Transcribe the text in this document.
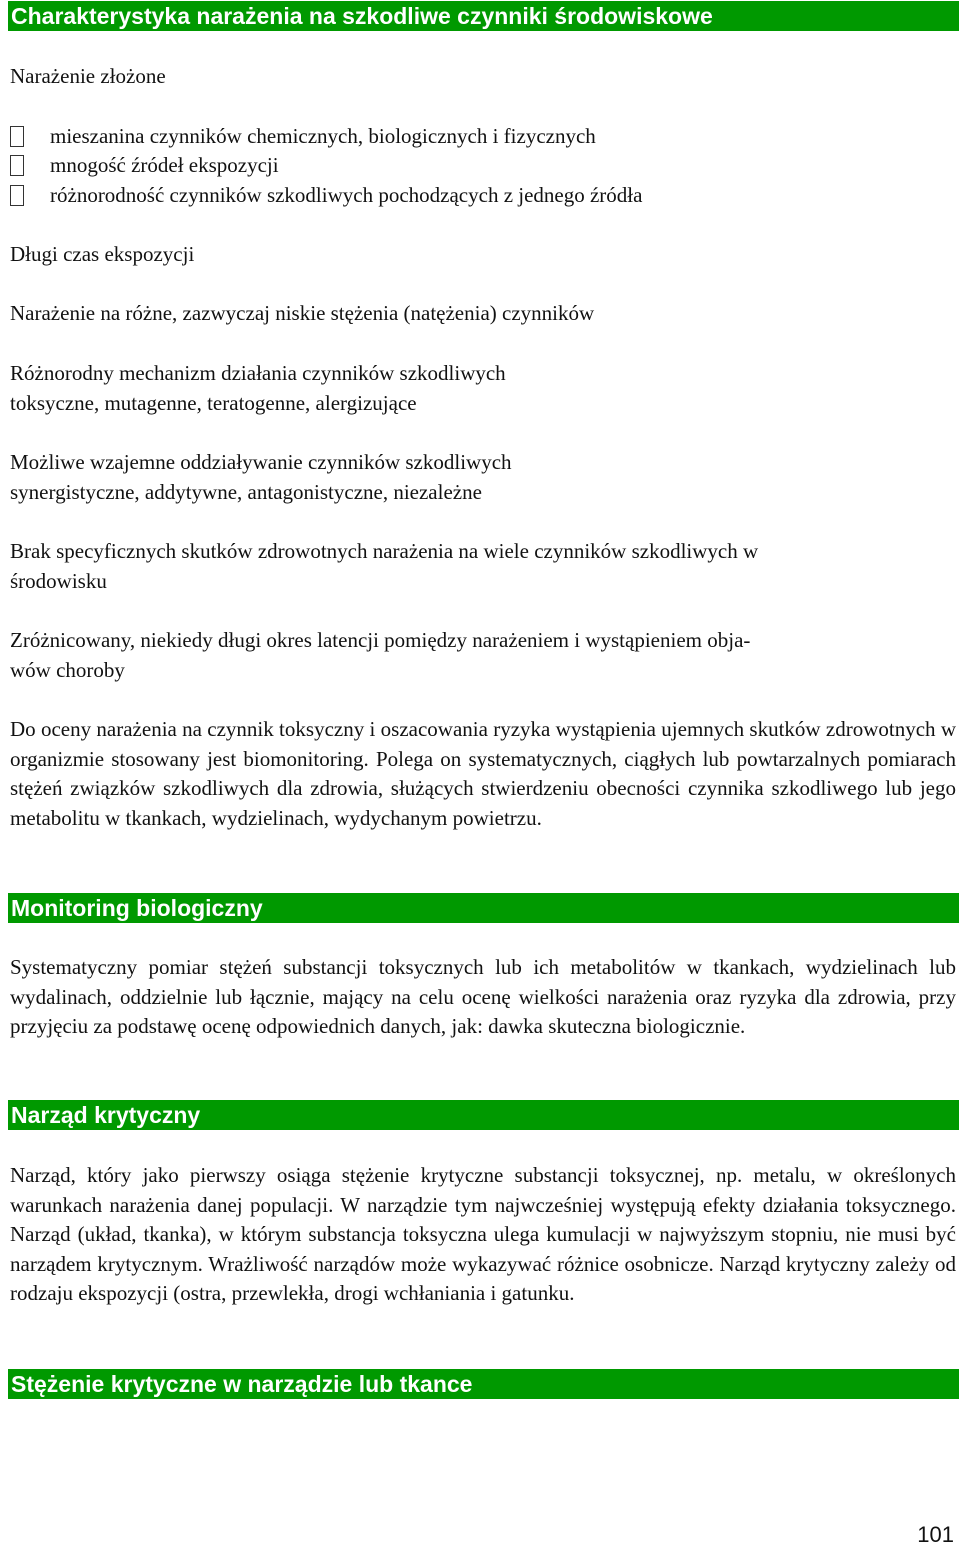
Charakterystyka narażenia na szkodliwe czynniki środowiskowe
Narażenie złożone
mieszanina czynników chemicznych, biologicznych i fizycznych
mnogość źródeł ekspozycji
różnorodność czynników szkodliwych pochodzących z jednego źródła
Długi czas ekspozycji
Narażenie na różne, zazwyczaj niskie stężenia (natężenia) czynników
Różnorodny mechanizm działania czynników szkodliwych
toksyczne, mutagenne, teratogenne, alergizujące
Możliwe wzajemne oddziaływanie czynników szkodliwych
synergistyczne, addytywne, antagonistyczne, niezależne
Brak specyficznych skutków zdrowotnych narażenia na wiele czynników szkodliwych w
środowisku
Zróżnicowany, niekiedy długi okres latencji pomiędzy narażeniem i wystąpieniem obja-
wów choroby
Do oceny narażenia na czynnik toksyczny i oszacowania ryzyka wystąpienia ujemnych skutków zdrowotnych w organizmie stosowany jest biomonitoring. Polega on systematycznych, ciągłych lub powtarzalnych pomiarach stężeń związków szkodliwych dla zdrowia, służących stwierdzeniu obecności czynnika szkodliwego lub jego metabolitu w tkankach, wydzielinach, wydychanym powietrzu.
Monitoring biologiczny
Systematyczny pomiar stężeń substancji toksycznych lub ich metabolitów w tkankach, wydzielinach lub wydalinach, oddzielnie lub łącznie, mający na celu ocenę wielkości narażenia oraz ryzyka dla zdrowia, przy przyjęciu za podstawę ocenę odpowiednich danych, jak: dawka skuteczna biologicznie.
Narząd krytyczny
Narząd, który jako pierwszy osiąga stężenie krytyczne substancji toksycznej, np. metalu, w określonych warunkach narażenia danej populacji. W narządzie tym najwcześniej występują efekty działania toksycznego. Narząd (układ, tkanka), w którym substancja toksyczna ulega kumulacji w najwyższym stopniu, nie musi być narządem krytycznym. Wrażliwość narządów może wykazywać różnice osobnicze. Narząd krytyczny zależy od rodzaju ekspozycji (ostra, przewlekła, drogi wchłaniania i gatunku.
Stężenie krytyczne w narządzie lub tkance
101
